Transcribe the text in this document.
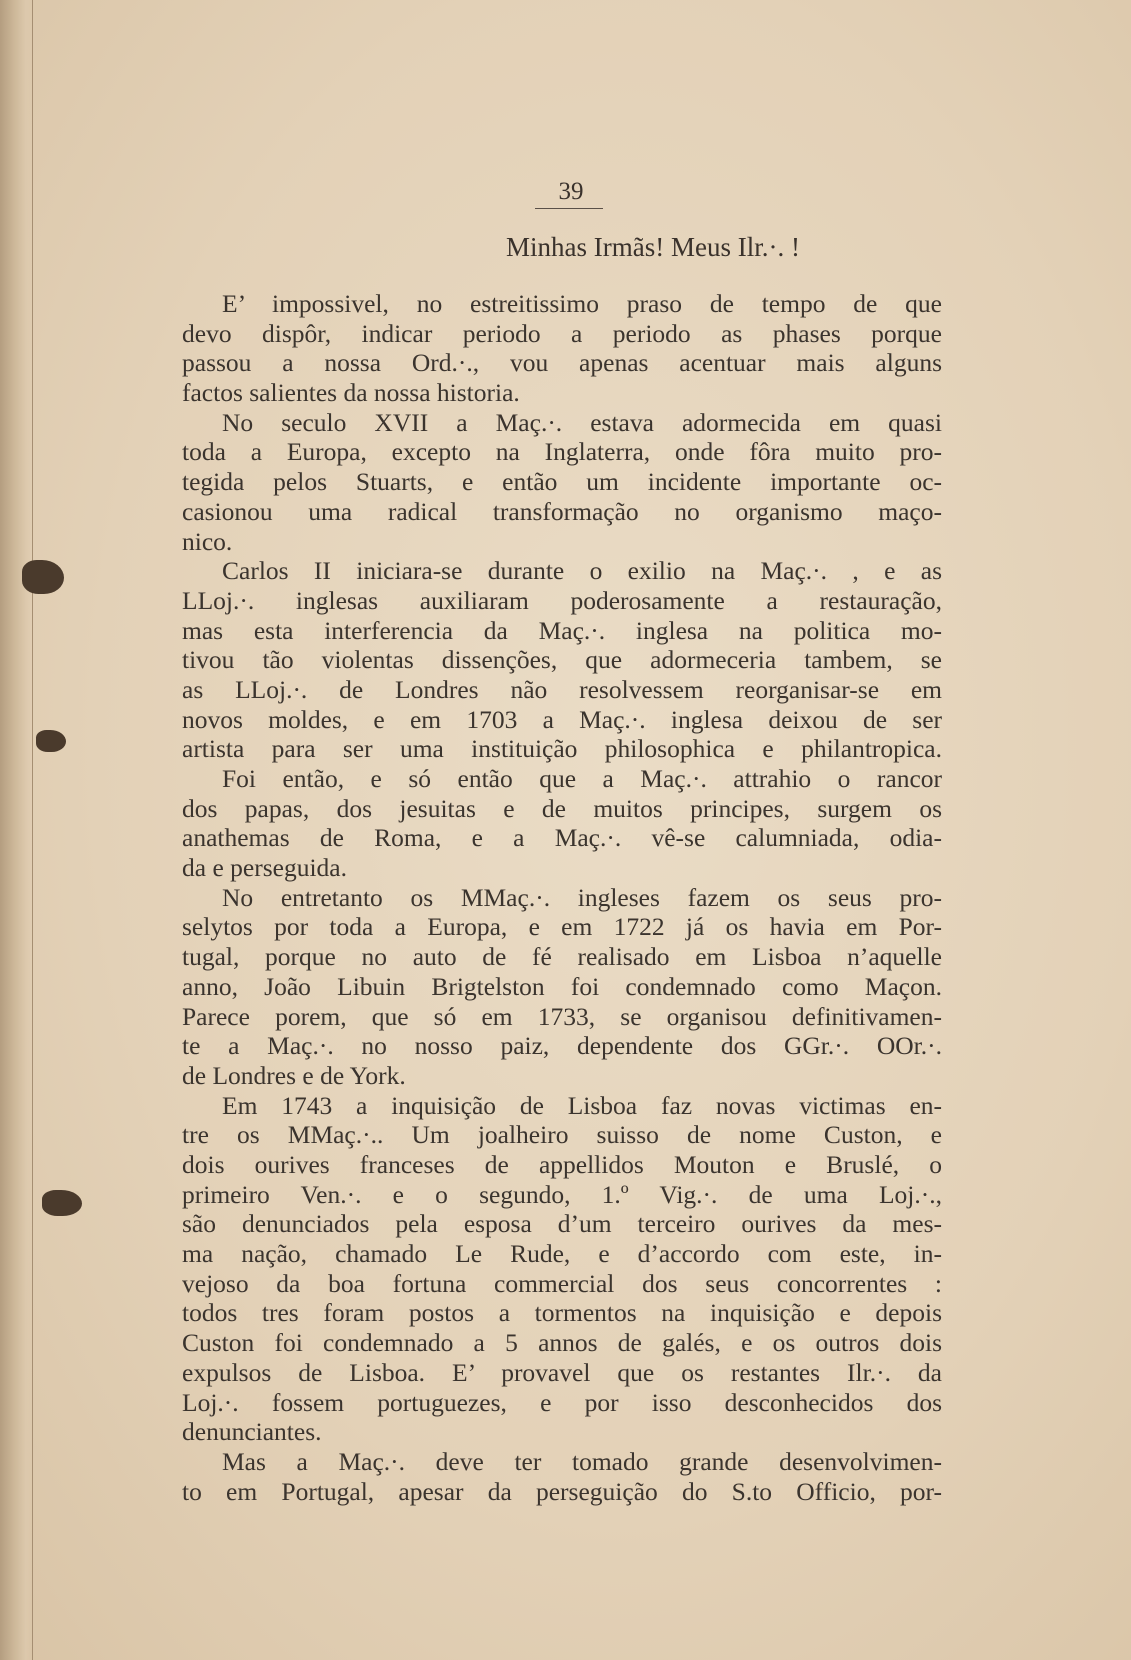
39
Minhas Irmãs! Meus Ilr.·. !
E’ impossivel, no estreitissimo praso de tempo de que
devo dispôr, indicar periodo a periodo as phases porque
passou a nossa Ord.·., vou apenas acentuar mais alguns
factos salientes da nossa historia.
No seculo XVII a Maç.·. estava adormecida em quasi
toda a Europa, excepto na Inglaterra, onde fôra muito pro-
tegida pelos Stuarts, e então um incidente importante oc-
casionou uma radical transformação no organismo maço-
nico.
Carlos II iniciara-se durante o exilio na Maç.·. , e as
LLoj.·. inglesas auxiliaram poderosamente a restauração,
mas esta interferencia da Maç.·. inglesa na politica mo-
tivou tão violentas dissenções, que adormeceria tambem, se
as LLoj.·. de Londres não resolvessem reorganisar-se em
novos moldes, e em 1703 a Maç.·. inglesa deixou de ser
artista para ser uma instituição philosophica e philantropica.
Foi então, e só então que a Maç.·. attrahio o rancor
dos papas, dos jesuitas e de muitos principes, surgem os
anathemas de Roma, e a Maç.·. vê-se calumniada, odia-
da e perseguida.
No entretanto os MMaç.·. ingleses fazem os seus pro-
selytos por toda a Europa, e em 1722 já os havia em Por-
tugal, porque no auto de fé realisado em Lisboa n’aquelle
anno, João Libuin Brigtelston foi condemnado como Maçon.
Parece porem, que só em 1733, se organisou definitivamen-
te a Maç.·. no nosso paiz, dependente dos GGr.·. OOr.·.
de Londres e de York.
Em 1743 a inquisição de Lisboa faz novas victimas en-
tre os MMaç.·.. Um joalheiro suisso de nome Custon, e
dois ourives franceses de appellidos Mouton e Bruslé, o
primeiro Ven.·. e o segundo, 1.º Vig.·. de uma Loj.·.,
são denunciados pela esposa d’um terceiro ourives da mes-
ma nação, chamado Le Rude, e d’accordo com este, in-
vejoso da boa fortuna commercial dos seus concorrentes :
todos tres foram postos a tormentos na inquisição e depois
Custon foi condemnado a 5 annos de galés, e os outros dois
expulsos de Lisboa. E’ provavel que os restantes Ilr.·. da
Loj.·. fossem portuguezes, e por isso desconhecidos dos
denunciantes.
Mas a Maç.·. deve ter tomado grande desenvolvimen-
to em Portugal, apesar da perseguição do S.to Officio, por-
